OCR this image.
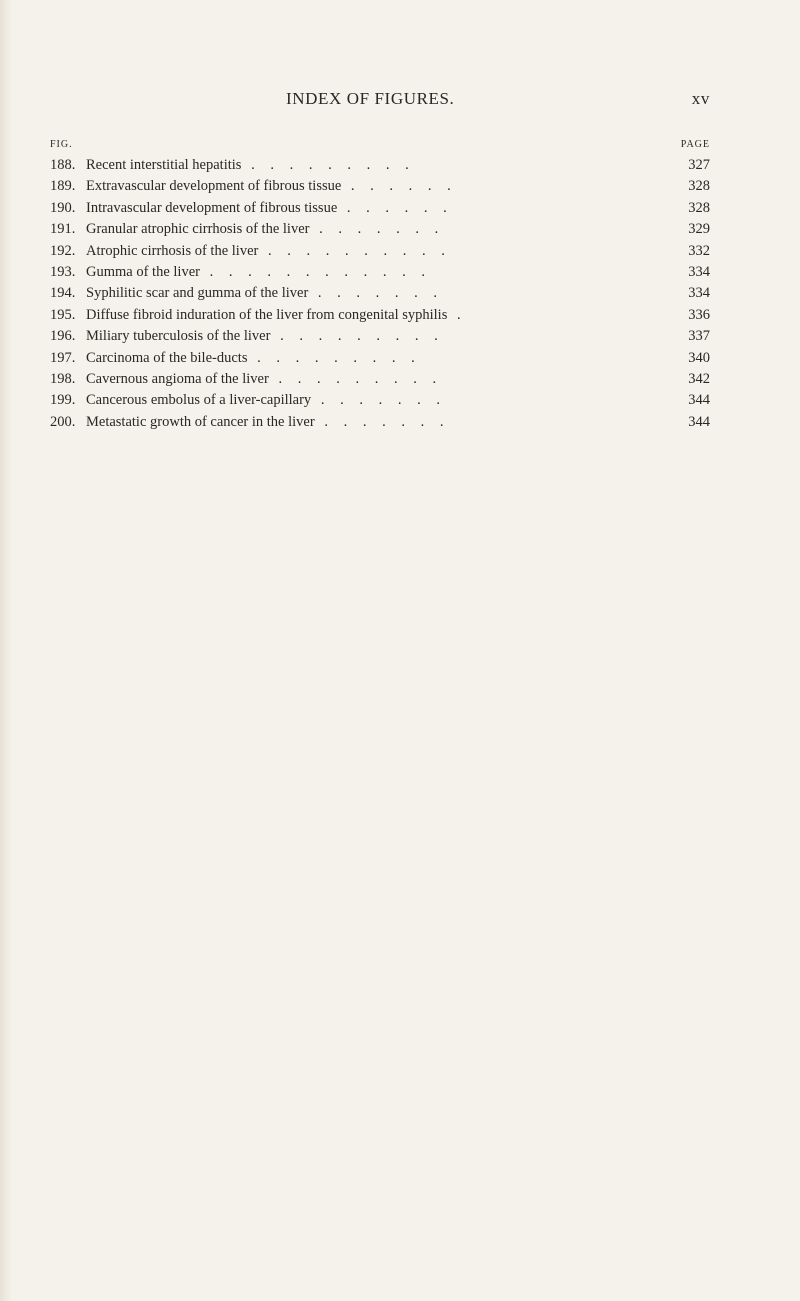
INDEX OF FIGURES.	xv
FIG.	PAGE
188. Recent interstitial hepatitis . . . . . . . . .	327
189. Extravascular development of fibrous tissue . . . . . .	328
190. Intravascular development of fibrous tissue . . . . . .	328
191. Granular atrophic cirrhosis of the liver . . . . . . .	329
192. Atrophic cirrhosis of the liver . . . . . . . . . .	332
193. Gumma of the liver . . . . . . . . . . . .	334
194. Syphilitic scar and gumma of the liver . . . . . . .	334
195. Diffuse fibroid induration of the liver from congenital syphilis .	336
196. Miliary tuberculosis of the liver . . . . . . . . .	337
197. Carcinoma of the bile-ducts . . . . . . . . .	340
198. Cavernous angioma of the liver . . . . . . . . .	342
199. Cancerous embolus of a liver-capillary . . . . . . .	344
200. Metastatic growth of cancer in the liver . . . . . . .	344
